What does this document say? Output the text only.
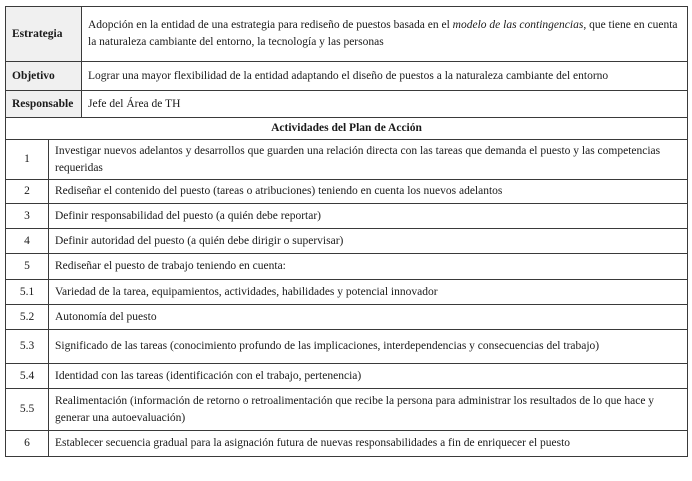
Estrategia		Adopción en la entidad de una estrategia para rediseño de puestos basada en el modelo de las contingencias, que tiene en cuenta la naturaleza cambiante del entorno, la tecnología y las personas
Objetivo		Lograr una mayor flexibilidad de la entidad adaptando el diseño de puestos a la naturaleza cambiante del entorno
Responsable		Jefe del Área de TH
Actividades del Plan de Acción		
1	Investigar nuevos adelantos y desarrollos que guarden una relación directa con las tareas que demanda el puesto y las competencias requeridas	
2	Rediseñar el contenido del puesto (tareas o atribuciones) teniendo en cuenta los nuevos adelantos	
3	Definir responsabilidad del puesto (a quién debe reportar)	
4	Definir autoridad del puesto (a quién debe dirigir o supervisar)	
5	Rediseñar el puesto de trabajo teniendo en cuenta:	
5.1	Variedad de la tarea, equipamientos, actividades, habilidades y potencial innovador	
5.2	Autonomía del puesto	
5.3	Significado de las tareas (conocimiento profundo de las implicaciones, interdependencias y consecuencias del trabajo)	
5.4	Identidad con las tareas (identificación con el trabajo, pertenencia)	
5.5	Realimentación (información de retorno o retroalimentación que recibe la persona para administrar los resultados de lo que hace y generar una autoevaluación)	
6	Establecer secuencia gradual para la asignación futura de nuevas responsabilidades a fin de enriquecer el puesto	
